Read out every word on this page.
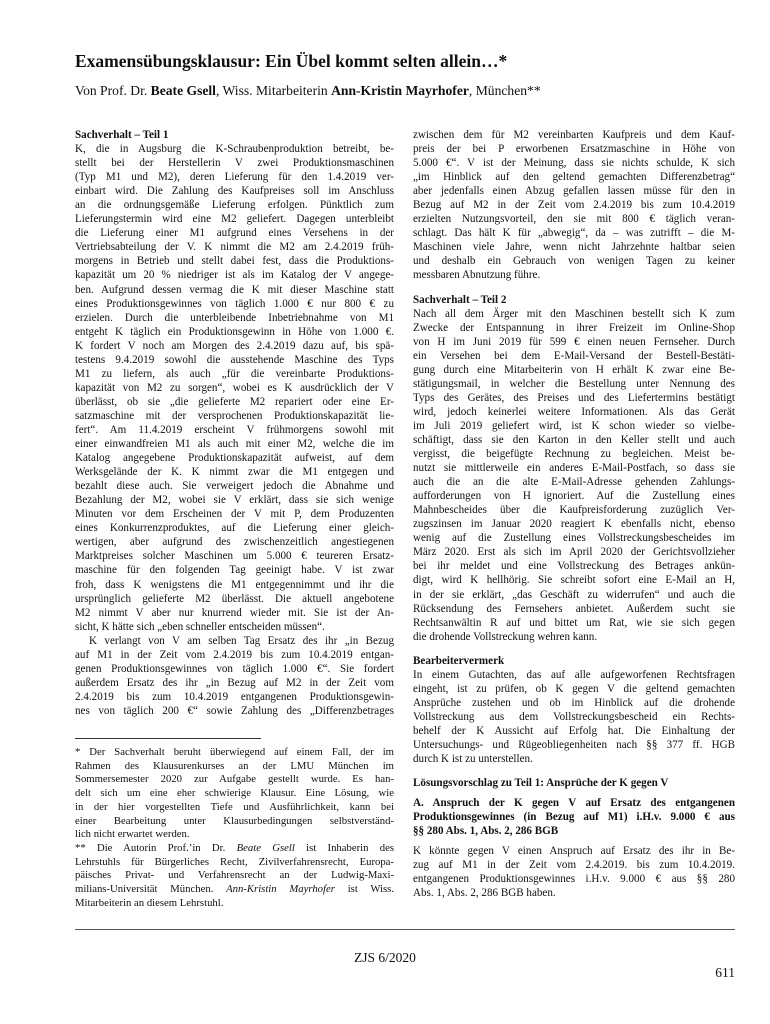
Examensübungsklausur: Ein Übel kommt selten allein…*
Von Prof. Dr. Beate Gsell, Wiss. Mitarbeiterin Ann-Kristin Mayrhofer, München**
Sachverhalt – Teil 1
K, die in Augsburg die K-Schraubenproduktion betreibt, be-
stellt bei der Herstellerin V zwei Produktionsmaschinen
(Typ M1 und M2), deren Lieferung für den 1.4.2019 ver-
einbart wird. Die Zahlung des Kaufpreises soll im Anschluss
an die ordnungsgemäße Lieferung erfolgen. Pünktlich zum
Lieferungstermin wird eine M2 geliefert. Dagegen unterbleibt
die Lieferung einer M1 aufgrund eines Versehens in der
Vertriebsabteilung der V. K nimmt die M2 am 2.4.2019 früh-
morgens in Betrieb und stellt dabei fest, dass die Produktions-
kapazität um 20 % niedriger ist als im Katalog der V angege-
ben. Aufgrund dessen vermag die K mit dieser Maschine statt
eines Produktionsgewinnes von täglich 1.000 € nur 800 € zu
erzielen. Durch die unterbleibende Inbetriebnahme von M1
entgeht K täglich ein Produktionsgewinn in Höhe von 1.000 €.
K fordert V noch am Morgen des 2.4.2019 dazu auf, bis spä-
testens 9.4.2019 sowohl die ausstehende Maschine des Typs
M1 zu liefern, als auch „für die vereinbarte Produktions-
kapazität von M2 zu sorgen“, wobei es K ausdrücklich der V
überlässt, ob sie „die gelieferte M2 repariert oder eine Er-
satzmaschine mit der versprochenen Produktionskapazität lie-
fert“. Am 11.4.2019 erscheint V frühmorgens sowohl mit
einer einwandfreien M1 als auch mit einer M2, welche die im
Katalog angegebene Produktionskapazität aufweist, auf dem
Werksgelände der K. K nimmt zwar die M1 entgegen und
bezahlt diese auch. Sie verweigert jedoch die Abnahme und
Bezahlung der M2, wobei sie V erklärt, dass sie sich wenige
Minuten vor dem Erscheinen der V mit P, dem Produzenten
eines Konkurrenzproduktes, auf die Lieferung einer gleich-
wertigen, aber aufgrund des zwischenzeitlich angestiegenen
Marktpreises solcher Maschinen um 5.000 € teureren Ersatz-
maschine für den folgenden Tag geeinigt habe. V ist zwar
froh, dass K wenigstens die M1 entgegennimmt und ihr die
ursprünglich gelieferte M2 überlässt. Die aktuell angebotene
M2 nimmt V aber nur knurrend wieder mit. Sie ist der An-
sicht, K hätte sich „eben schneller entscheiden müssen“.
K verlangt von V am selben Tag Ersatz des ihr „in Bezug
auf M1 in der Zeit vom 2.4.2019 bis zum 10.4.2019 entgan-
genen Produktionsgewinnes von täglich 1.000 €“. Sie fordert
außerdem Ersatz des ihr „in Bezug auf M2 in der Zeit vom
2.4.2019 bis zum 10.4.2019 entgangenen Produktionsgewin-
nes von täglich 200 €“ sowie Zahlung des „Differenzbetrages
* Der Sachverhalt beruht überwiegend auf einem Fall, der im
Rahmen des Klausurenkurses an der LMU München im
Sommersemester 2020 zur Aufgabe gestellt wurde. Es han-
delt sich um eine eher schwierige Klausur. Eine Lösung, wie
in der hier vorgestellten Tiefe und Ausführlichkeit, kann bei
einer Bearbeitung unter Klausurbedingungen selbstverständ-
lich nicht erwartet werden.
** Die Autorin Prof.’in Dr. Beate Gsell ist Inhaberin des
Lehrstuhls für Bürgerliches Recht, Zivilverfahrensrecht, Europa-
päisches Privat- und Verfahrensrecht an der Ludwig-Maxi-
milians-Universität München. Ann-Kristin Mayrhofer ist Wiss.
Mitarbeiterin an diesem Lehrstuhl.
zwischen dem für M2 vereinbarten Kaufpreis und dem Kauf-
preis der bei P erworbenen Ersatzmaschine in Höhe von
5.000 €“. V ist der Meinung, dass sie nichts schulde, K sich
„im Hinblick auf den geltend gemachten Differenzbetrag“
aber jedenfalls einen Abzug gefallen lassen müsse für den in
Bezug auf M2 in der Zeit vom 2.4.2019 bis zum 10.4.2019
erzielten Nutzungsvorteil, den sie mit 800 € täglich veran-
schlagt. Das hält K für „abwegig“, da – was zutrifft – die M-
Maschinen viele Jahre, wenn nicht Jahrzehnte haltbar seien
und deshalb ein Gebrauch von wenigen Tagen zu keiner
messbaren Abnutzung führe.
Sachverhalt – Teil 2
Nach all dem Ärger mit den Maschinen bestellt sich K zum
Zwecke der Entspannung in ihrer Freizeit im Online-Shop
von H im Juni 2019 für 599 € einen neuen Fernseher. Durch
ein Versehen bei dem E-Mail-Versand der Bestell-Bestäti-
gung durch eine Mitarbeiterin von H erhält K zwar eine Be-
stätigungsmail, in welcher die Bestellung unter Nennung des
Typs des Gerätes, des Preises und des Liefertermins bestätigt
wird, jedoch keinerlei weitere Informationen. Als das Gerät
im Juli 2019 geliefert wird, ist K schon wieder so vielbe-
schäftigt, dass sie den Karton in den Keller stellt und auch
vergisst, die beigefügte Rechnung zu begleichen. Meist be-
nutzt sie mittlerweile ein anderes E-Mail-Postfach, so dass sie
auch die an die alte E-Mail-Adresse gehenden Zahlungs-
aufforderungen von H ignoriert. Auf die Zustellung eines
Mahnbescheides über die Kaufpreisforderung zuzüglich Ver-
zugszinsen im Januar 2020 reagiert K ebenfalls nicht, ebenso
wenig auf die Zustellung eines Vollstreckungsbescheides im
März 2020. Erst als sich im April 2020 der Gerichtsvollzieher
bei ihr meldet und eine Vollstreckung des Betrages ankün-
digt, wird K hellhörig. Sie schreibt sofort eine E-Mail an H,
in der sie erklärt, „das Geschäft zu widerrufen“ und auch die
Rücksendung des Fernsehers anbietet. Außerdem sucht sie
Rechtsanwältin R auf und bittet um Rat, wie sie sich gegen
die drohende Vollstreckung wehren kann.
Bearbeitervermerk
In einem Gutachten, das auf alle aufgeworfenen Rechtsfragen
eingeht, ist zu prüfen, ob K gegen V die geltend gemachten
Ansprüche zustehen und ob im Hinblick auf die drohende
Vollstreckung aus dem Vollstreckungsbescheid ein Rechts-
behelf der K Aussicht auf Erfolg hat. Die Einhaltung der
Untersuchungs- und Rügeobliegenheiten nach §§ 377 ff. HGB
durch K ist zu unterstellen.
Lösungsvorschlag zu Teil 1: Ansprüche der K gegen V
A. Anspruch der K gegen V auf Ersatz des entgangenen
Produktionsgewinnes (in Bezug auf M1) i.H.v. 9.000 € aus
§§ 280 Abs. 1, Abs. 2, 286 BGB
K könnte gegen V einen Anspruch auf Ersatz des ihr in Be-
zug auf M1 in der Zeit vom 2.4.2019. bis zum 10.4.2019.
entgangenen Produktionsgewinnes i.H.v. 9.000 € aus §§ 280
Abs. 1, Abs. 2, 286 BGB haben.
ZJS 6/2020
611
